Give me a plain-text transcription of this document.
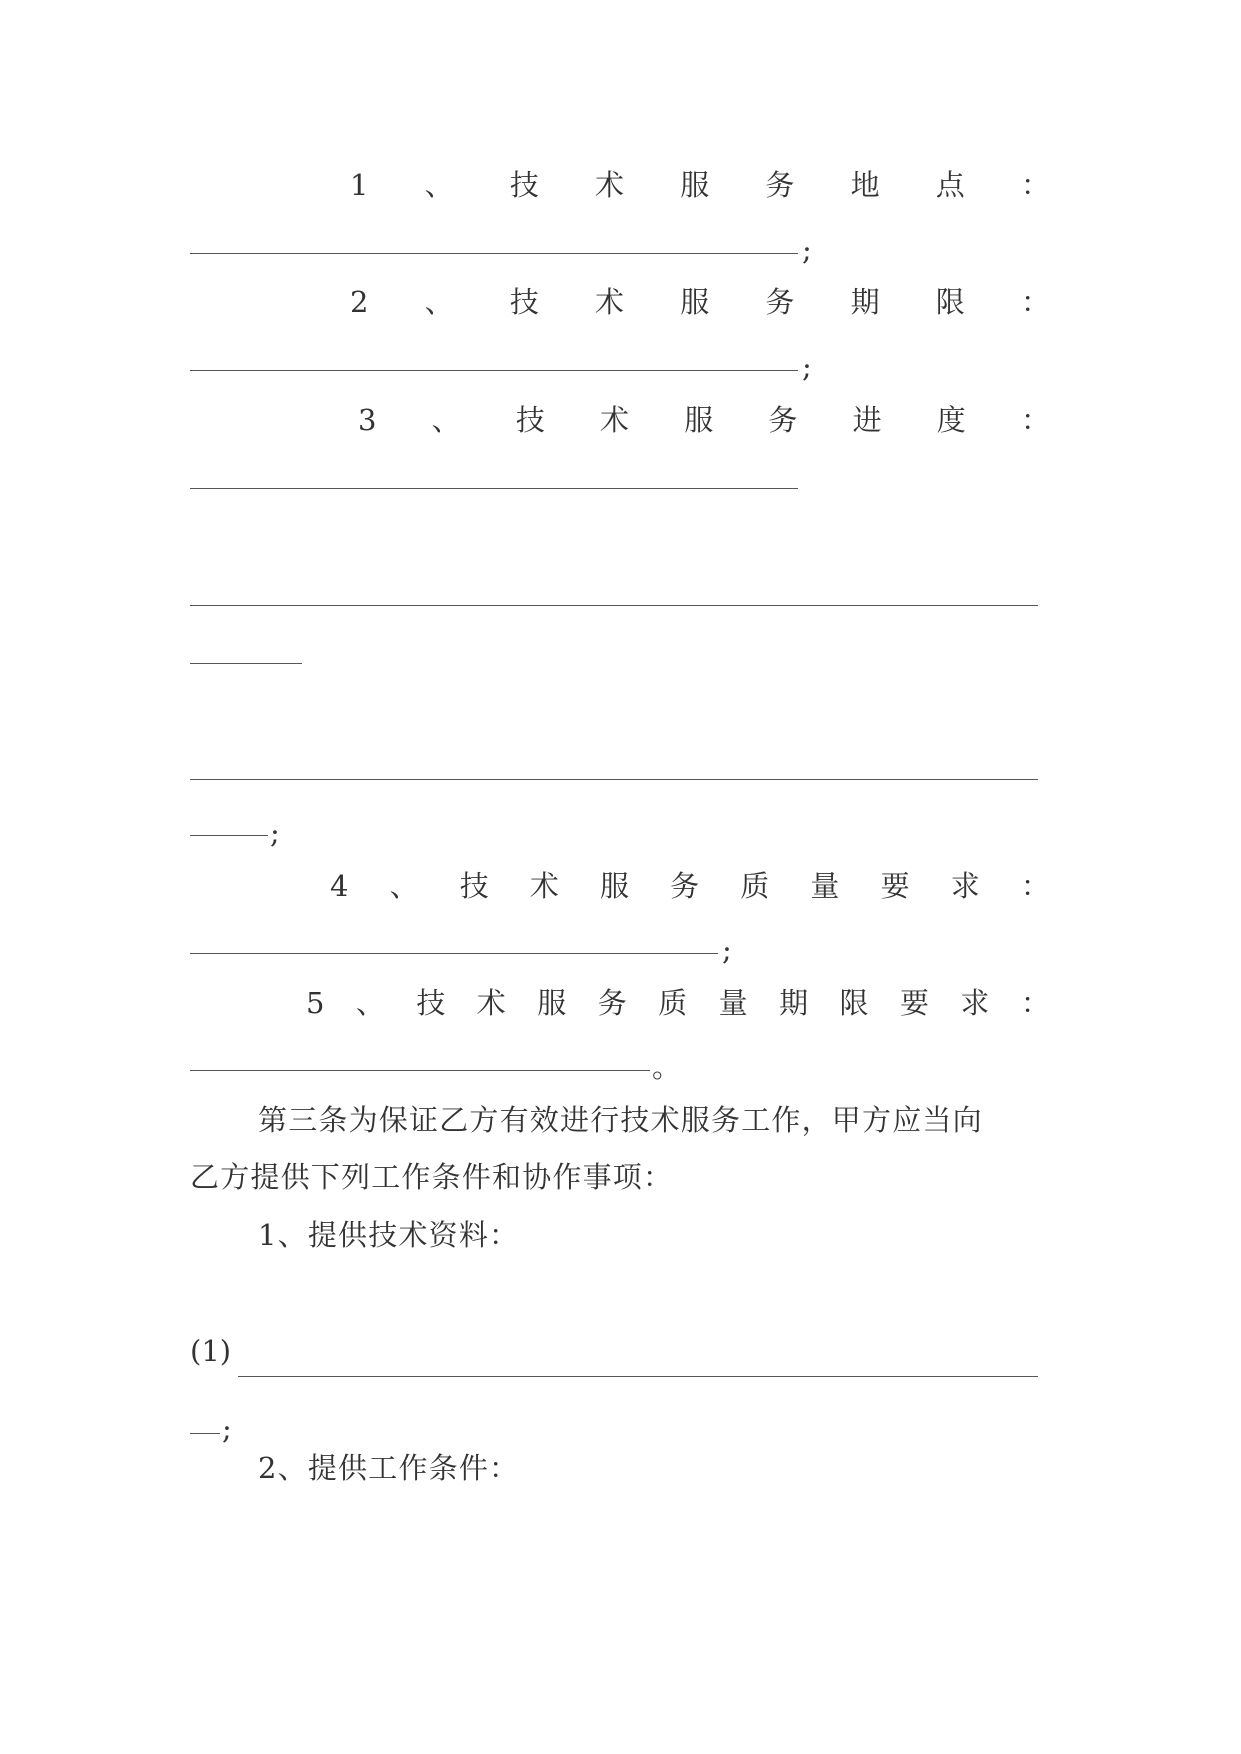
1 、 技 术 服 务 地 点 ：
;
2 、 技 术 服 务 期 限 ：
;
3 、 技 术 服 务 进 度 ：
;
4 、 技 术 服 务 质 量 要 求 ：
;
5 、 技 术 服 务 质 量 期 限 要 求 ：
。

第三条为保证乙方有效进行技术服务工作，甲方应当向

乙方提供下列工作条件和协作事项：

1、提供技术资料：

(1)
;

2、提供工作条件：
